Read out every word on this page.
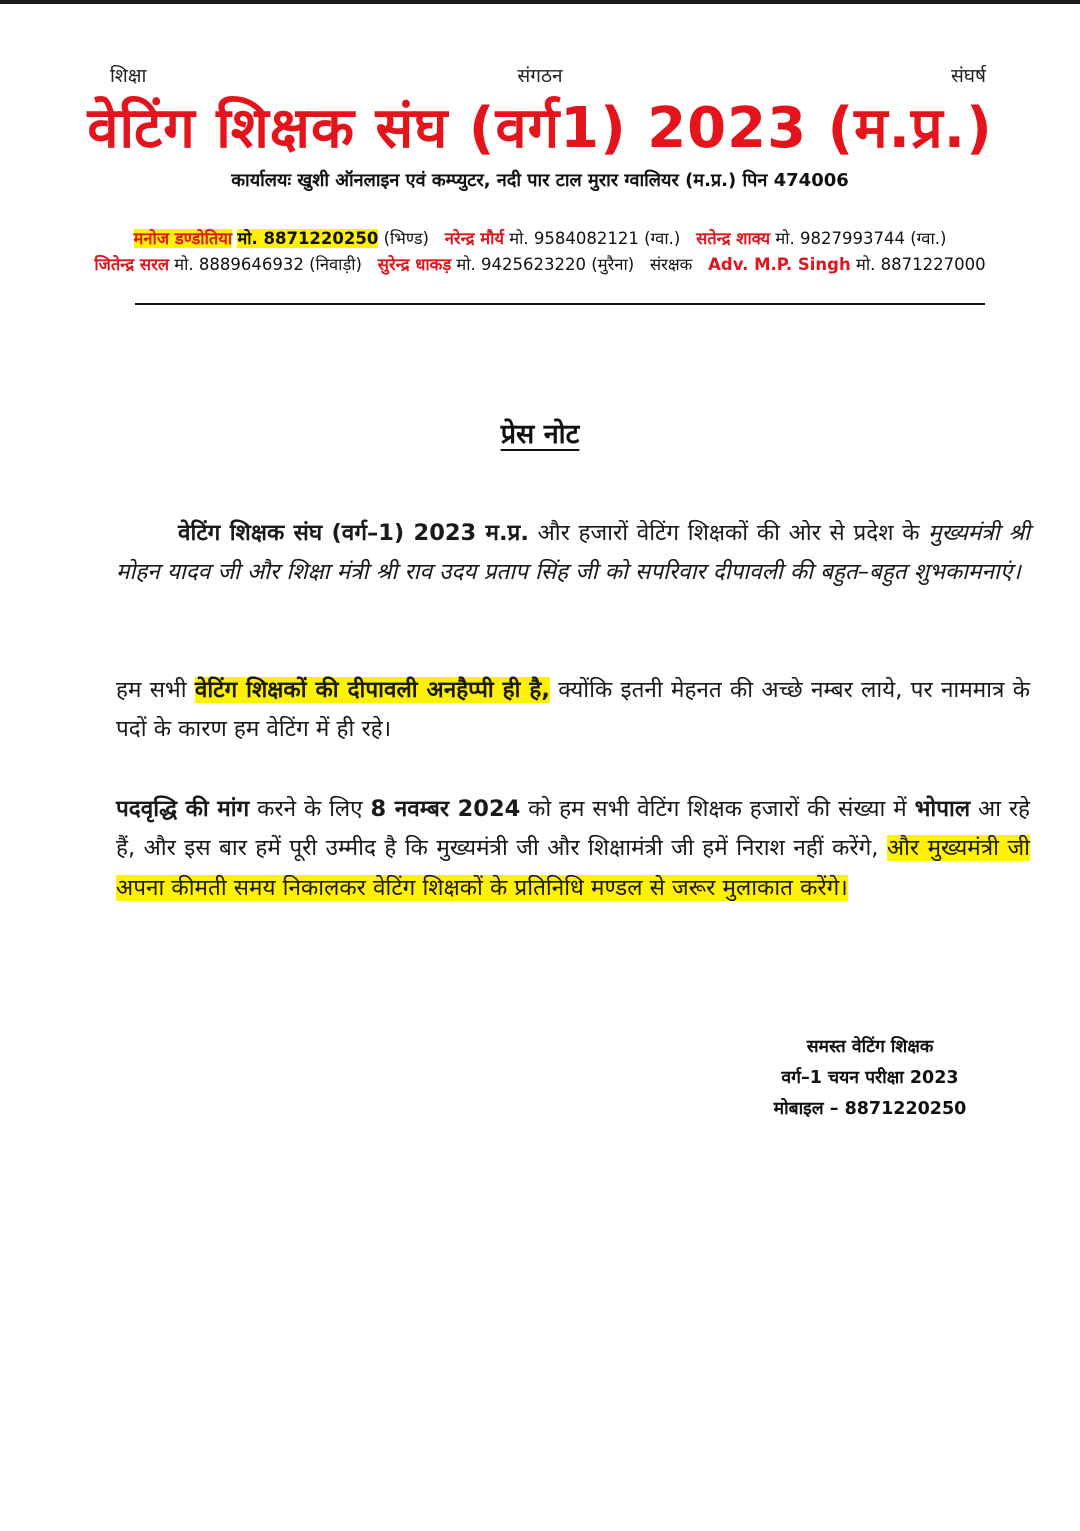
शिक्षा	संगठन	संघर्ष
वेटिंग शिक्षक संघ (वर्ग1) 2023 (म.प्र.)
कार्यालयः खुशी ऑनलाइन एवं कम्प्युटर, नदी पार टाल मुरार ग्वालियर (म.प्र.) पिन 474006
मनोज डण्डोतिया मो. 8871220250 (भिण्ड) नरेन्द्र मौर्य मो. 9584082121 (ग्वा.) सतेन्द्र शाक्य मो. 9827993744 (ग्वा.)
जितेन्द्र सरल मो. 8889646932 (निवाड़ी) सुरेन्द्र धाकड़ मो. 9425623220 (मुरैना) संरक्षक Adv. M.P. Singh मो. 8871227000
प्रेस नोट

वेटिंग शिक्षक संघ (वर्ग–1) 2023 म.प्र. और हजारों वेटिंग शिक्षकों की ओर से प्रदेश के मुख्यमंत्री श्री मोहन यादव जी और शिक्षा मंत्री श्री राव उदय प्रताप सिंह जी को सपरिवार दीपावली की बहुत–बहुत शुभकामनाएं।

हम सभी वेटिंग शिक्षकों की दीपावली अनहैप्पी ही है, क्योंकि इतनी मेहनत की अच्छे नम्बर लाये, पर नाममात्र के पदों के कारण हम वेटिंग में ही रहे।

पदवृद्धि की मांग करने के लिए 8 नवम्बर 2024 को हम सभी वेटिंग शिक्षक हजारों की संख्या में भोपाल आ रहे हैं, और इस बार हमें पूरी उम्मीद है कि मुख्यमंत्री जी और शिक्षामंत्री जी हमें निराश नहीं करेंगे, और मुख्यमंत्री जी अपना कीमती समय निकालकर वेटिंग शिक्षकों के प्रतिनिधि मण्डल से जरूर मुलाकात करेंगे।

समस्त वेटिंग शिक्षक
वर्ग–1 चयन परीक्षा 2023
मोबाइल – 8871220250
